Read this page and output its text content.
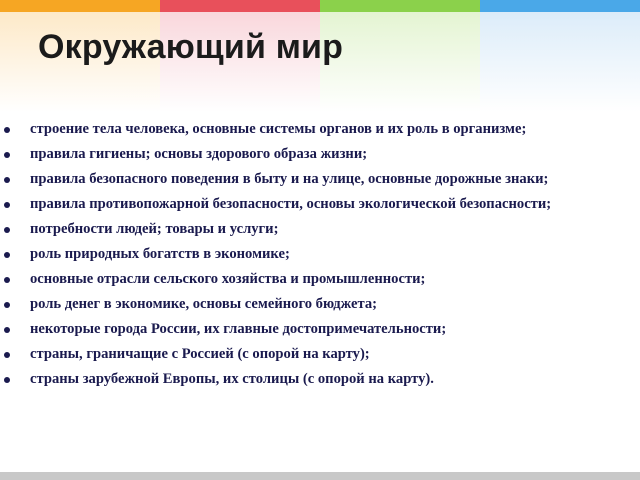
Окружающий мир
строение тела человека, основные системы органов и их роль в организме;
правила гигиены; основы здорового образа жизни;
правила безопасного поведения в быту и на улице, основные дорожные знаки;
правила противопожарной безопасности, основы экологической безопасности;
потребности людей; товары и услуги;
роль природных богатств в экономике;
основные отрасли сельского хозяйства и промышленности;
роль денег в экономике, основы семейного бюджета;
некоторые города России, их главные достопримечательности;
страны, граничащие с Россией (с опорой на карту);
страны зарубежной Европы, их столицы (с опорой на карту).
